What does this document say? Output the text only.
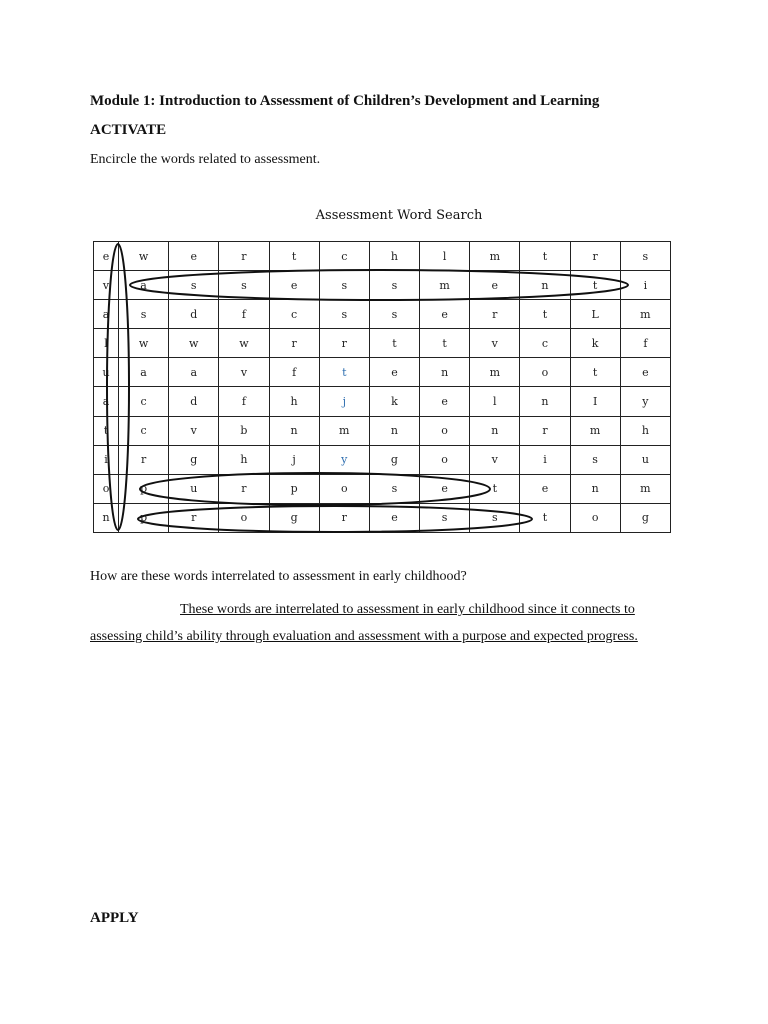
Module 1: Introduction to Assessment of Children’s Development and Learning
ACTIVATE
Encircle the words related to assessment.
Assessment Word Search
e	w	e	r	t	c	h	l	m	t	r	s
v	a	s	s	e	s	s	m	e	n	t	i
a	s	d	f	c	s	s	e	r	t	L	m
l	w	w	w	r	r	t	t	v	c	k	f
u	a	a	v	f	t	e	n	m	o	t	e
a	c	d	f	h	j	k	e	l	n	I	y
t	c	v	b	n	m	n	o	n	r	m	h
i	r	g	h	j	y	g	o	v	i	s	u
o	p	u	r	p	o	s	e	t	e	n	m
n	p	r	o	g	r	e	s	s	t	o	g
How are these words interrelated to assessment in early childhood?
These words are interrelated to assessment in early childhood since it connects to assessing child’s ability through evaluation and assessment with a purpose and expected progress.
APPLY
